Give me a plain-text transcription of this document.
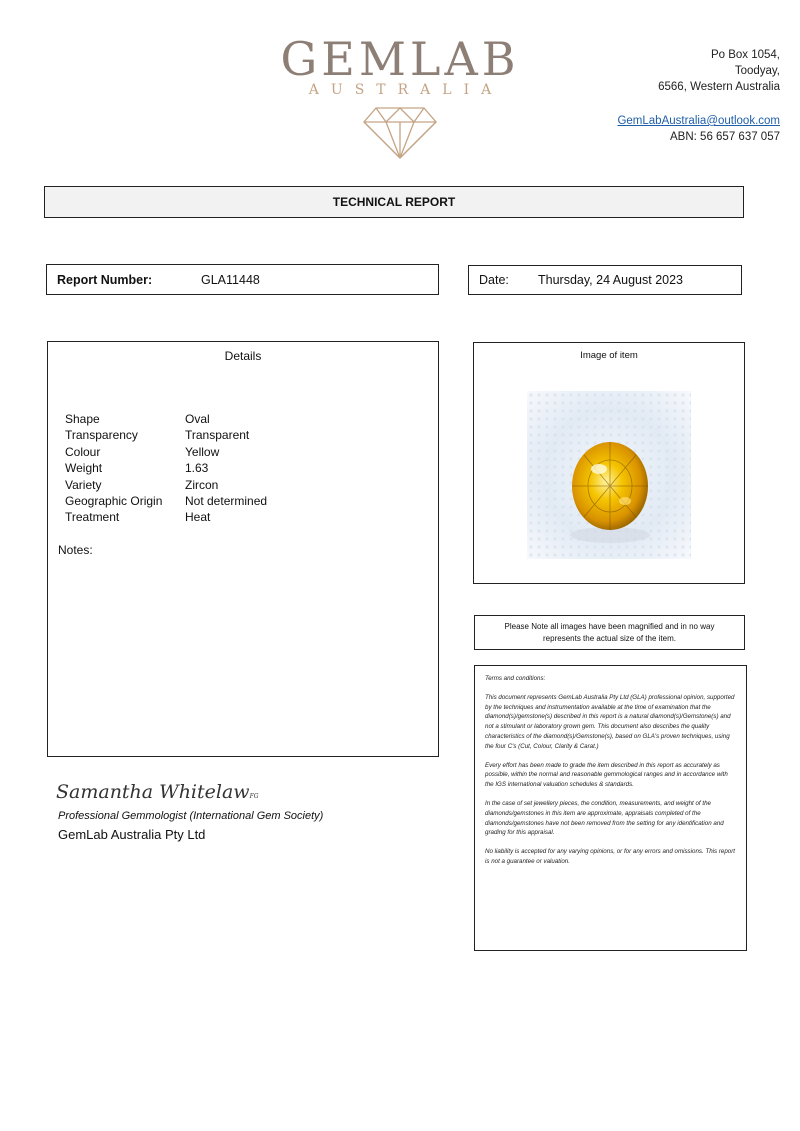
GEMLAB
AUSTRALIA
Po Box 1054,
Toodyay,
6566, Western Australia
GemLabAustralia@outlook.com
ABN: 56 657 637 057
TECHNICAL REPORT
Report Number:	GLA11448	Date: Thursday, 24 August 2023
Details
Shape	Oval
Transparency	Transparent
Colour	Yellow
Weight	1.63
Variety	Zircon
Geographic Origin	Not determined
Treatment	Heat
Notes:
Image of item
Please Note all images have been magnified and in no way
represents the actual size of the item.

Terms and conditions:

This document represents GemLab Australia Pty Ltd (GLA) professional opinion, supported by the techniques and instrumentation available at the time of examination that the diamond(s)/gemstone(s) described in this report is a natural diamond(s)/Gemstone(s) and not a stimulant or laboratory grown gem. This document also describes the quality characteristics of the diamond(s)/Gemstone(s), based on GLA's proven techniques, using the four C's (Cut, Colour, Clarity & Carat.)

Every effort has been made to grade the item described in this report as accurately as possible, within the normal and reasonable gemmological ranges and in accordance with the IGS international valuation schedules & standards.

In the case of set jewellery pieces, the condition, measurements, and weight of the diamonds/gemstones in this item are approximate, appraisals completed of the diamonds/gemstones have not been removed from the setting for any identification and grading for this appraisal.

No liability is accepted for any varying opinions, or for any errors and omissions. This report is not a guarantee or valuation.

Samantha WhitelawFG
Professional Gemmologist (International Gem Society)
GemLab Australia Pty Ltd
